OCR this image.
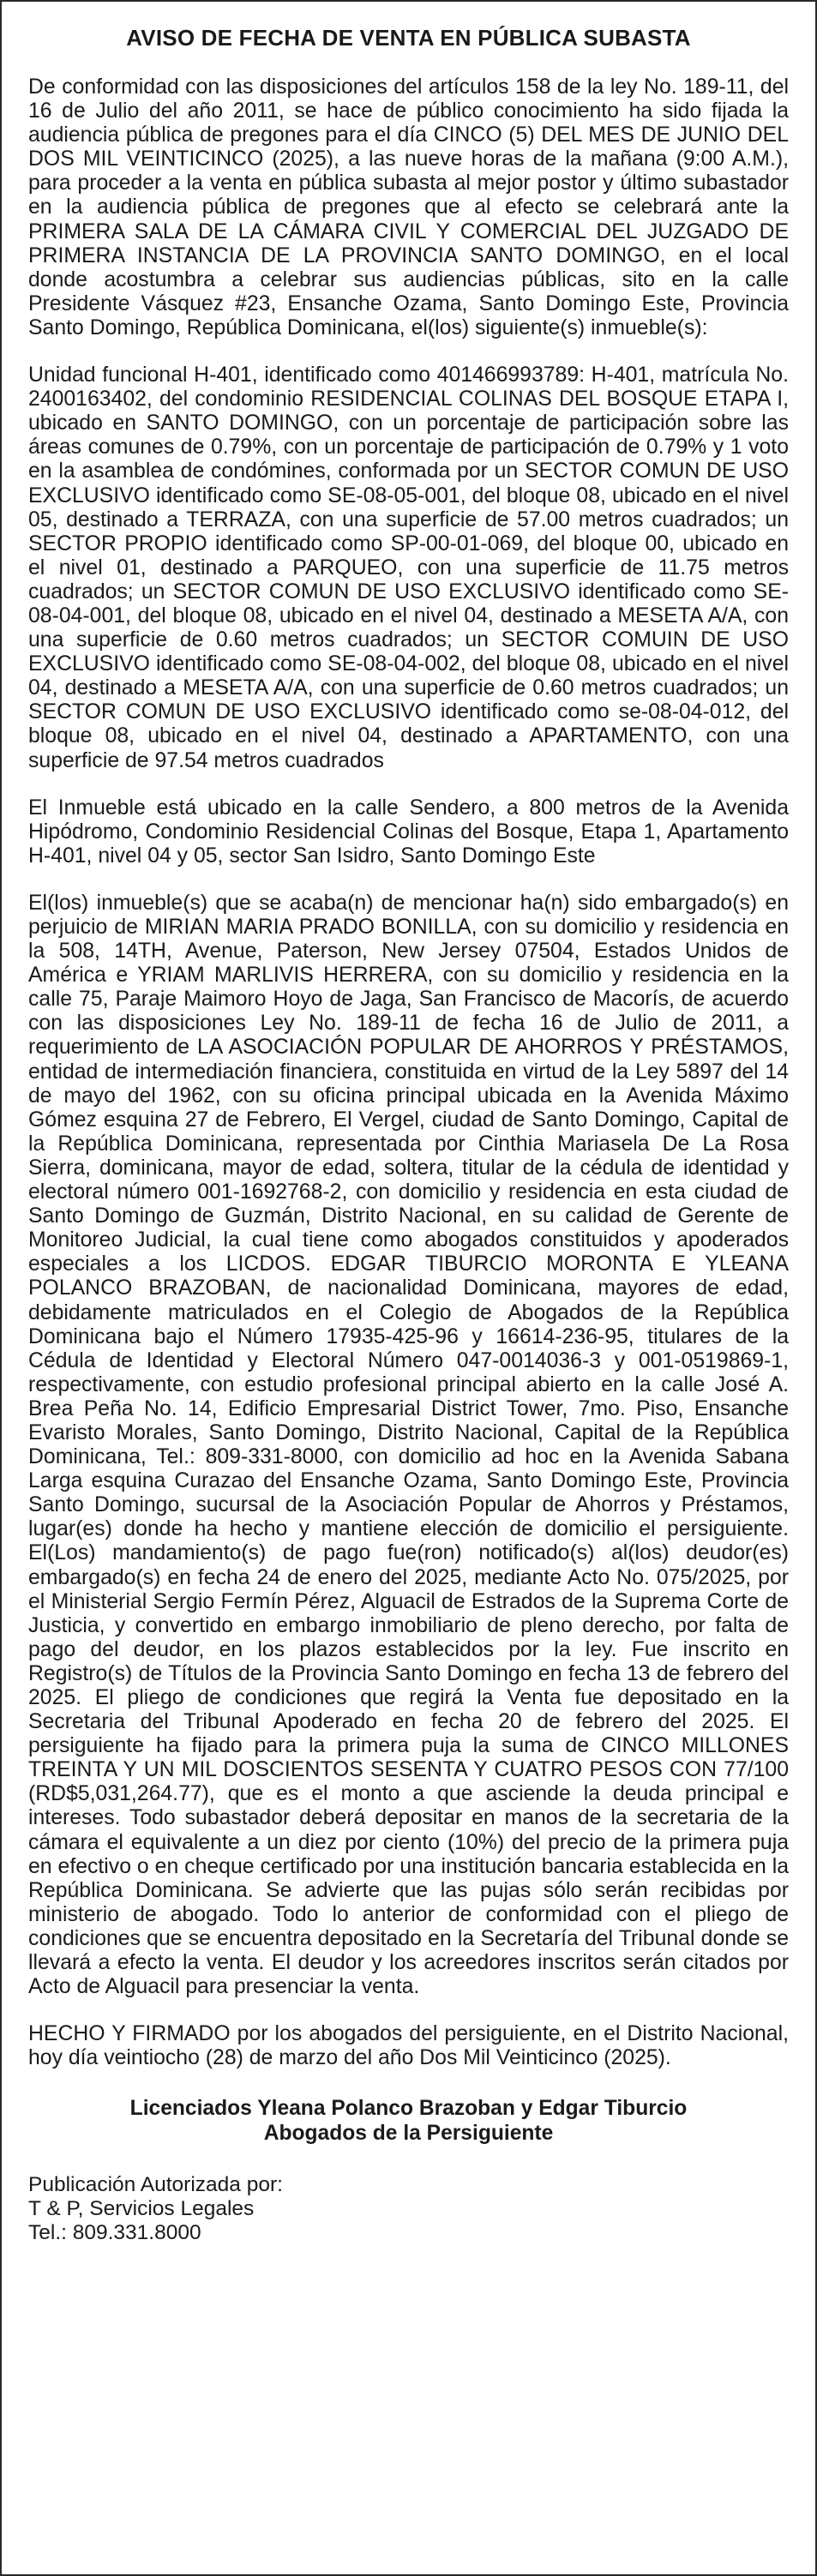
AVISO DE FECHA DE VENTA EN PÚBLICA SUBASTA

De conformidad con las disposiciones del artículos 158 de la ley No. 189-11, del 16 de Julio del año 2011, se hace de público conocimiento ha sido fijada la audiencia pública de pregones para el día CINCO (5) DEL MES DE JUNIO DEL DOS MIL VEINTICINCO (2025), a las nueve horas de la mañana (9:00 A.M.), para proceder a la venta en pública subasta al mejor postor y último subastador en la audiencia pública de pregones que al efecto se celebrará ante la PRIMERA SALA DE LA CÁMARA CIVIL Y COMERCIAL DEL JUZGADO DE PRIMERA INSTANCIA DE LA PROVINCIA SANTO DOMINGO, en el local donde acostumbra a celebrar sus audiencias públicas, sito en la calle Presidente Vásquez #23, Ensanche Ozama, Santo Domingo Este, Provincia Santo Domingo, República Dominicana, el(los) siguiente(s) inmueble(s):

Unidad funcional H-401, identificado como 401466993789: H-401, matrícula No. 2400163402, del condominio RESIDENCIAL COLINAS DEL BOSQUE ETAPA I, ubicado en SANTO DOMINGO, con un porcentaje de participación sobre las áreas comunes de 0.79%, con un porcentaje de participación de 0.79% y 1 voto en la asamblea de condómines, conformada por un SECTOR COMUN DE USO EXCLUSIVO identificado como SE-08-05-001, del bloque 08, ubicado en el nivel 05, destinado a TERRAZA, con una superficie de 57.00 metros cuadrados; un SECTOR PROPIO identificado como SP-00-01-069, del bloque 00, ubicado en el nivel 01, destinado a PARQUEO, con una superficie de 11.75 metros cuadrados; un SECTOR COMUN DE USO EXCLUSIVO identificado como SE-08-04-001, del bloque 08, ubicado en el nivel 04, destinado a MESETA A/A, con una superficie de 0.60 metros cuadrados; un SECTOR COMUIN DE USO EXCLUSIVO identificado como SE-08-04-002, del bloque 08, ubicado en el nivel 04, destinado a MESETA A/A, con una superficie de 0.60 metros cuadrados; un SECTOR COMUN DE USO EXCLUSIVO identificado como se-08-04-012, del bloque 08, ubicado en el nivel 04, destinado a APARTAMENTO, con una superficie de 97.54 metros cuadrados

El Inmueble está ubicado en la calle Sendero, a 800 metros de la Avenida Hipódromo, Condominio Residencial Colinas del Bosque, Etapa 1, Apartamento H-401, nivel 04 y 05, sector San Isidro, Santo Domingo Este

El(los) inmueble(s) que se acaba(n) de mencionar ha(n) sido embargado(s) en perjuicio de MIRIAN MARIA PRADO BONILLA, con su domicilio y residencia en la 508, 14TH, Avenue, Paterson, New Jersey 07504, Estados Unidos de América e YRIAM MARLIVIS HERRERA, con su domicilio y residencia en la calle 75, Paraje Maimoro Hoyo de Jaga, San Francisco de Macorís, de acuerdo con las disposiciones Ley No. 189-11 de fecha 16 de Julio de 2011, a requerimiento de LA ASOCIACIÓN POPULAR DE AHORROS Y PRÉSTAMOS, entidad de intermediación financiera, constituida en virtud de la Ley 5897 del 14 de mayo del 1962, con su oficina principal ubicada en la Avenida Máximo Gómez esquina 27 de Febrero, El Vergel, ciudad de Santo Domingo, Capital de la República Dominicana, representada por Cinthia Mariasela De La Rosa Sierra, dominicana, mayor de edad, soltera, titular de la cédula de identidad y electoral número 001-1692768-2, con domicilio y residencia en esta ciudad de Santo Domingo de Guzmán, Distrito Nacional, en su calidad de Gerente de Monitoreo Judicial, la cual tiene como abogados constituidos y apoderados especiales a los LICDOS. EDGAR TIBURCIO MORONTA E YLEANA POLANCO BRAZOBAN, de nacionalidad Dominicana, mayores de edad, debidamente matriculados en el Colegio de Abogados de la República Dominicana bajo el Número 17935-425-96 y 16614-236-95, titulares de la Cédula de Identidad y Electoral Número 047-0014036-3 y 001-0519869-1, respectivamente, con estudio profesional principal abierto en la calle José A. Brea Peña No. 14, Edificio Empresarial District Tower, 7mo. Piso, Ensanche Evaristo Morales, Santo Domingo, Distrito Nacional, Capital de la República Dominicana, Tel.: 809-331-8000, con domicilio ad hoc en la Avenida Sabana Larga esquina Curazao del Ensanche Ozama, Santo Domingo Este, Provincia Santo Domingo, sucursal de la Asociación Popular de Ahorros y Préstamos, lugar(es) donde ha hecho y mantiene elección de domicilio el persiguiente. El(Los) mandamiento(s) de pago fue(ron) notificado(s) al(los) deudor(es) embargado(s) en fecha 24 de enero del 2025, mediante Acto No. 075/2025, por el Ministerial Sergio Fermín Pérez, Alguacil de Estrados de la Suprema Corte de Justicia, y convertido en embargo inmobiliario de pleno derecho, por falta de pago del deudor, en los plazos establecidos por la ley. Fue inscrito en Registro(s) de Títulos de la Provincia Santo Domingo en fecha 13 de febrero del 2025. El pliego de condiciones que regirá la Venta fue depositado en la Secretaria del Tribunal Apoderado en fecha 20 de febrero del 2025. El persiguiente ha fijado para la primera puja la suma de CINCO MILLONES TREINTA Y UN MIL DOSCIENTOS SESENTA Y CUATRO PESOS CON 77/100 (RD$5,031,264.77), que es el monto a que asciende la deuda principal e intereses. Todo subastador deberá depositar en manos de la secretaria de la cámara el equivalente a un diez por ciento (10%) del precio de la primera puja en efectivo o en cheque certificado por una institución bancaria establecida en la República Dominicana. Se advierte que las pujas sólo serán recibidas por ministerio de abogado. Todo lo anterior de conformidad con el pliego de condiciones que se encuentra depositado en la Secretaría del Tribunal donde se llevará a efecto la venta. El deudor y los acreedores inscritos serán citados por Acto de Alguacil para presenciar la venta.

HECHO Y FIRMADO por los abogados del persiguiente, en el Distrito Nacional, hoy día veintiocho (28) de marzo del año Dos Mil Veinticinco (2025).

Licenciados Yleana Polanco Brazoban y Edgar Tiburcio
Abogados de la Persiguiente
Publicación Autorizada por:
T & P, Servicios Legales
Tel.: 809.331.8000
